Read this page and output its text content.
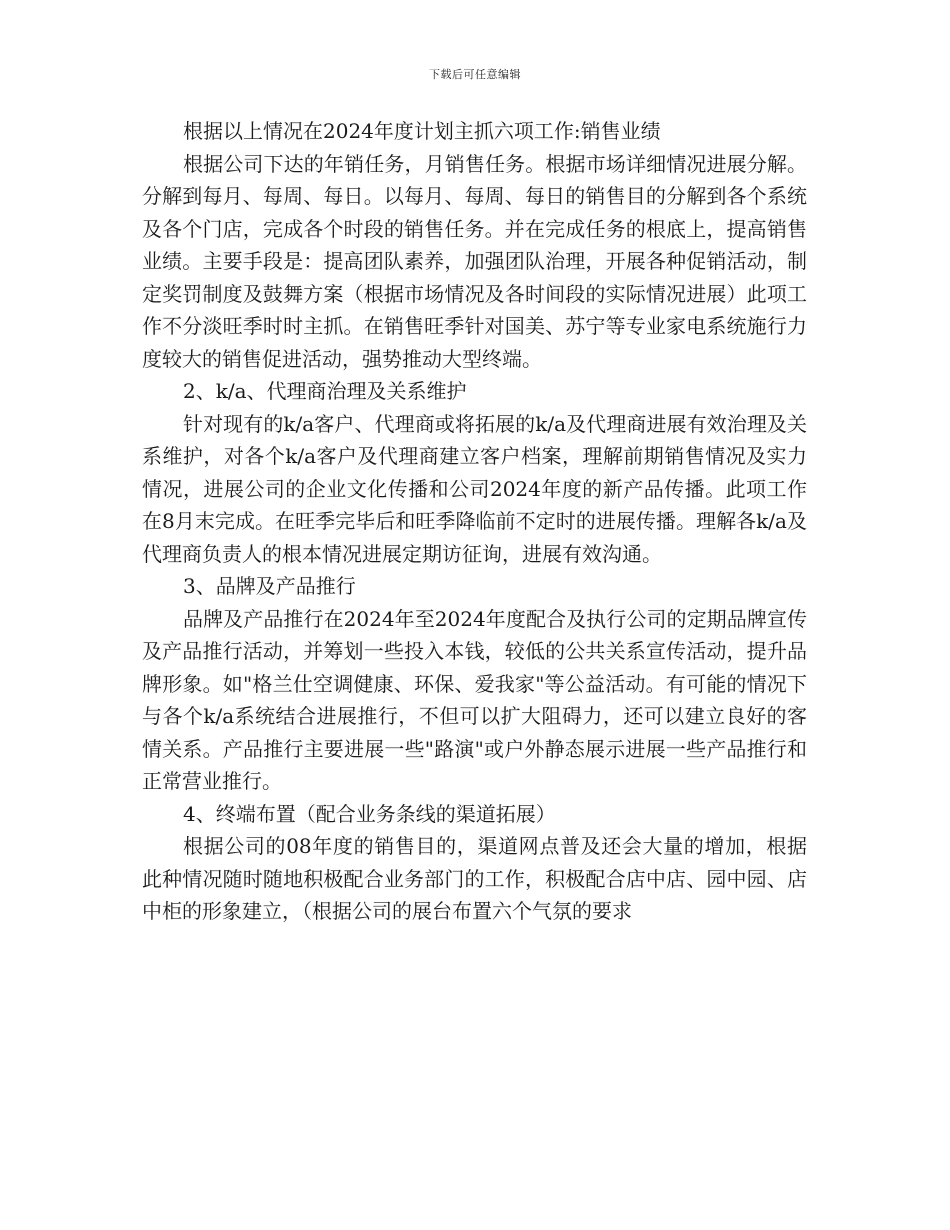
下载后可任意编辑

根据以上情况在2024年度计划主抓六项工作:销售业绩

根据公司下达的年销任务，月销售任务。根据市场详细情况进展分解。分解到每月、每周、每日。以每月、每周、每日的销售目的分解到各个系统及各个门店，完成各个时段的销售任务。并在完成任务的根底上，提高销售业绩。主要手段是：提高团队素养，加强团队治理，开展各种促销活动，制定奖罚制度及鼓舞方案（根据市场情况及各时间段的实际情况进展）此项工作不分淡旺季时时主抓。在销售旺季针对国美、苏宁等专业家电系统施行力度较大的销售促进活动，强势推动大型终端。

2、k/a、代理商治理及关系维护

针对现有的k/a客户、代理商或将拓展的k/a及代理商进展有效治理及关系维护，对各个k/a客户及代理商建立客户档案，理解前期销售情况及实力情况，进展公司的企业文化传播和公司2024年度的新产品传播。此项工作在8月末完成。在旺季完毕后和旺季降临前不定时的进展传播。理解各k/a及代理商负责人的根本情况进展定期访征询，进展有效沟通。

3、品牌及产品推行

品牌及产品推行在2024年至2024年度配合及执行公司的定期品牌宣传及产品推行活动，并筹划一些投入本钱，较低的公共关系宣传活动，提升品牌形象。如"格兰仕空调健康、环保、爱我家"等公益活动。有可能的情况下与各个k/a系统结合进展推行，不但可以扩大阻碍力，还可以建立良好的客情关系。产品推行主要进展一些"路演"或户外静态展示进展一些产品推行和正常营业推行。

4、终端布置（配合业务条线的渠道拓展）

根据公司的08年度的销售目的，渠道网点普及还会大量的增加，根据此种情况随时随地积极配合业务部门的工作，积极配合店中店、园中园、店中柜的形象建立，（根据公司的展台布置六个气氛的要求
